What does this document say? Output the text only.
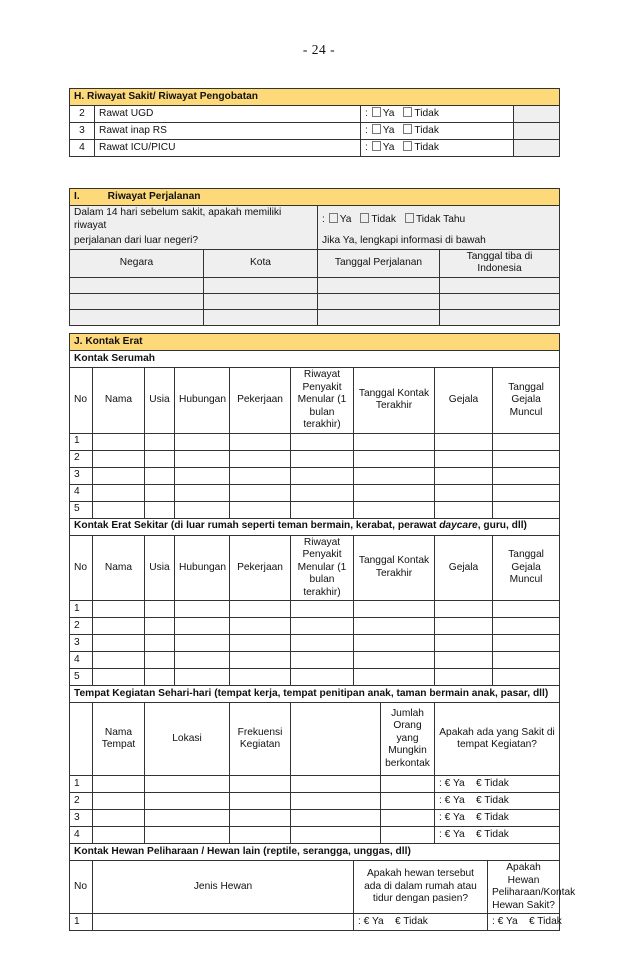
- 24 -
H. Riwayat Sakit/ Riwayat Pengobatan			
2	Rawat UGD	: Ya Tidak	
3	Rawat inap RS	: Ya Tidak	
4	Rawat ICU/PICU	: Ya Tidak	
I. Riwayat Perjalanan			
Dalam 14 hari sebelum sakit, apakah memiliki riwayat		: Ya Tidak Tidak Tahu	
perjalanan dari luar negeri?		Jika Ya, lengkapi informasi di bawah	
Negara	Kota	Tanggal Perjalanan	Tanggal tiba di Indonesia

J. Kontak Erat										
Kontak Serumah										
No	Nama	Usia	Hubungan	Pekerjaan	Riwayat Penyakit Menular (1 bulan terakhir)	Tanggal Kontak Terakhir		Gejala		Tanggal Gejala Muncul
1										
2										
3										
4										
5										
Kontak Erat Sekitar (di luar rumah seperti teman bermain, kerabat, perawat daycare, guru, dll)										
No	Nama	Usia	Hubungan	Pekerjaan	Riwayat Penyakit Menular (1 bulan terakhir)	Tanggal Kontak Terakhir		Gejala		Tanggal Gejala Muncul
1										
2										
3										
4										
5										
Tempat Kegiatan Sehari-hari (tempat kerja, tempat penitipan anak, taman bermain anak, pasar, dll)										
	Nama Tempat	Lokasi		Frekuensi Kegiatan			Jumlah Orang yang Mungkin berkontak	Apakah ada yang Sakit di tempat Kegiatan?		
1								: € Ya    € Tidak		
2								: € Ya    € Tidak		
3								: € Ya    € Tidak		
4								: € Ya    € Tidak		
Kontak Hewan Peliharaan / Hewan lain (reptile, serangga, unggas, dll)										
No	Jenis Hewan					Apakah hewan tersebut ada di dalam rumah atau tidur dengan pasien?			Apakah Hewan Peliharaan/Kontak Hewan Sakit?	
1						: € Ya    € Tidak			: € Ya    € Tidak	
